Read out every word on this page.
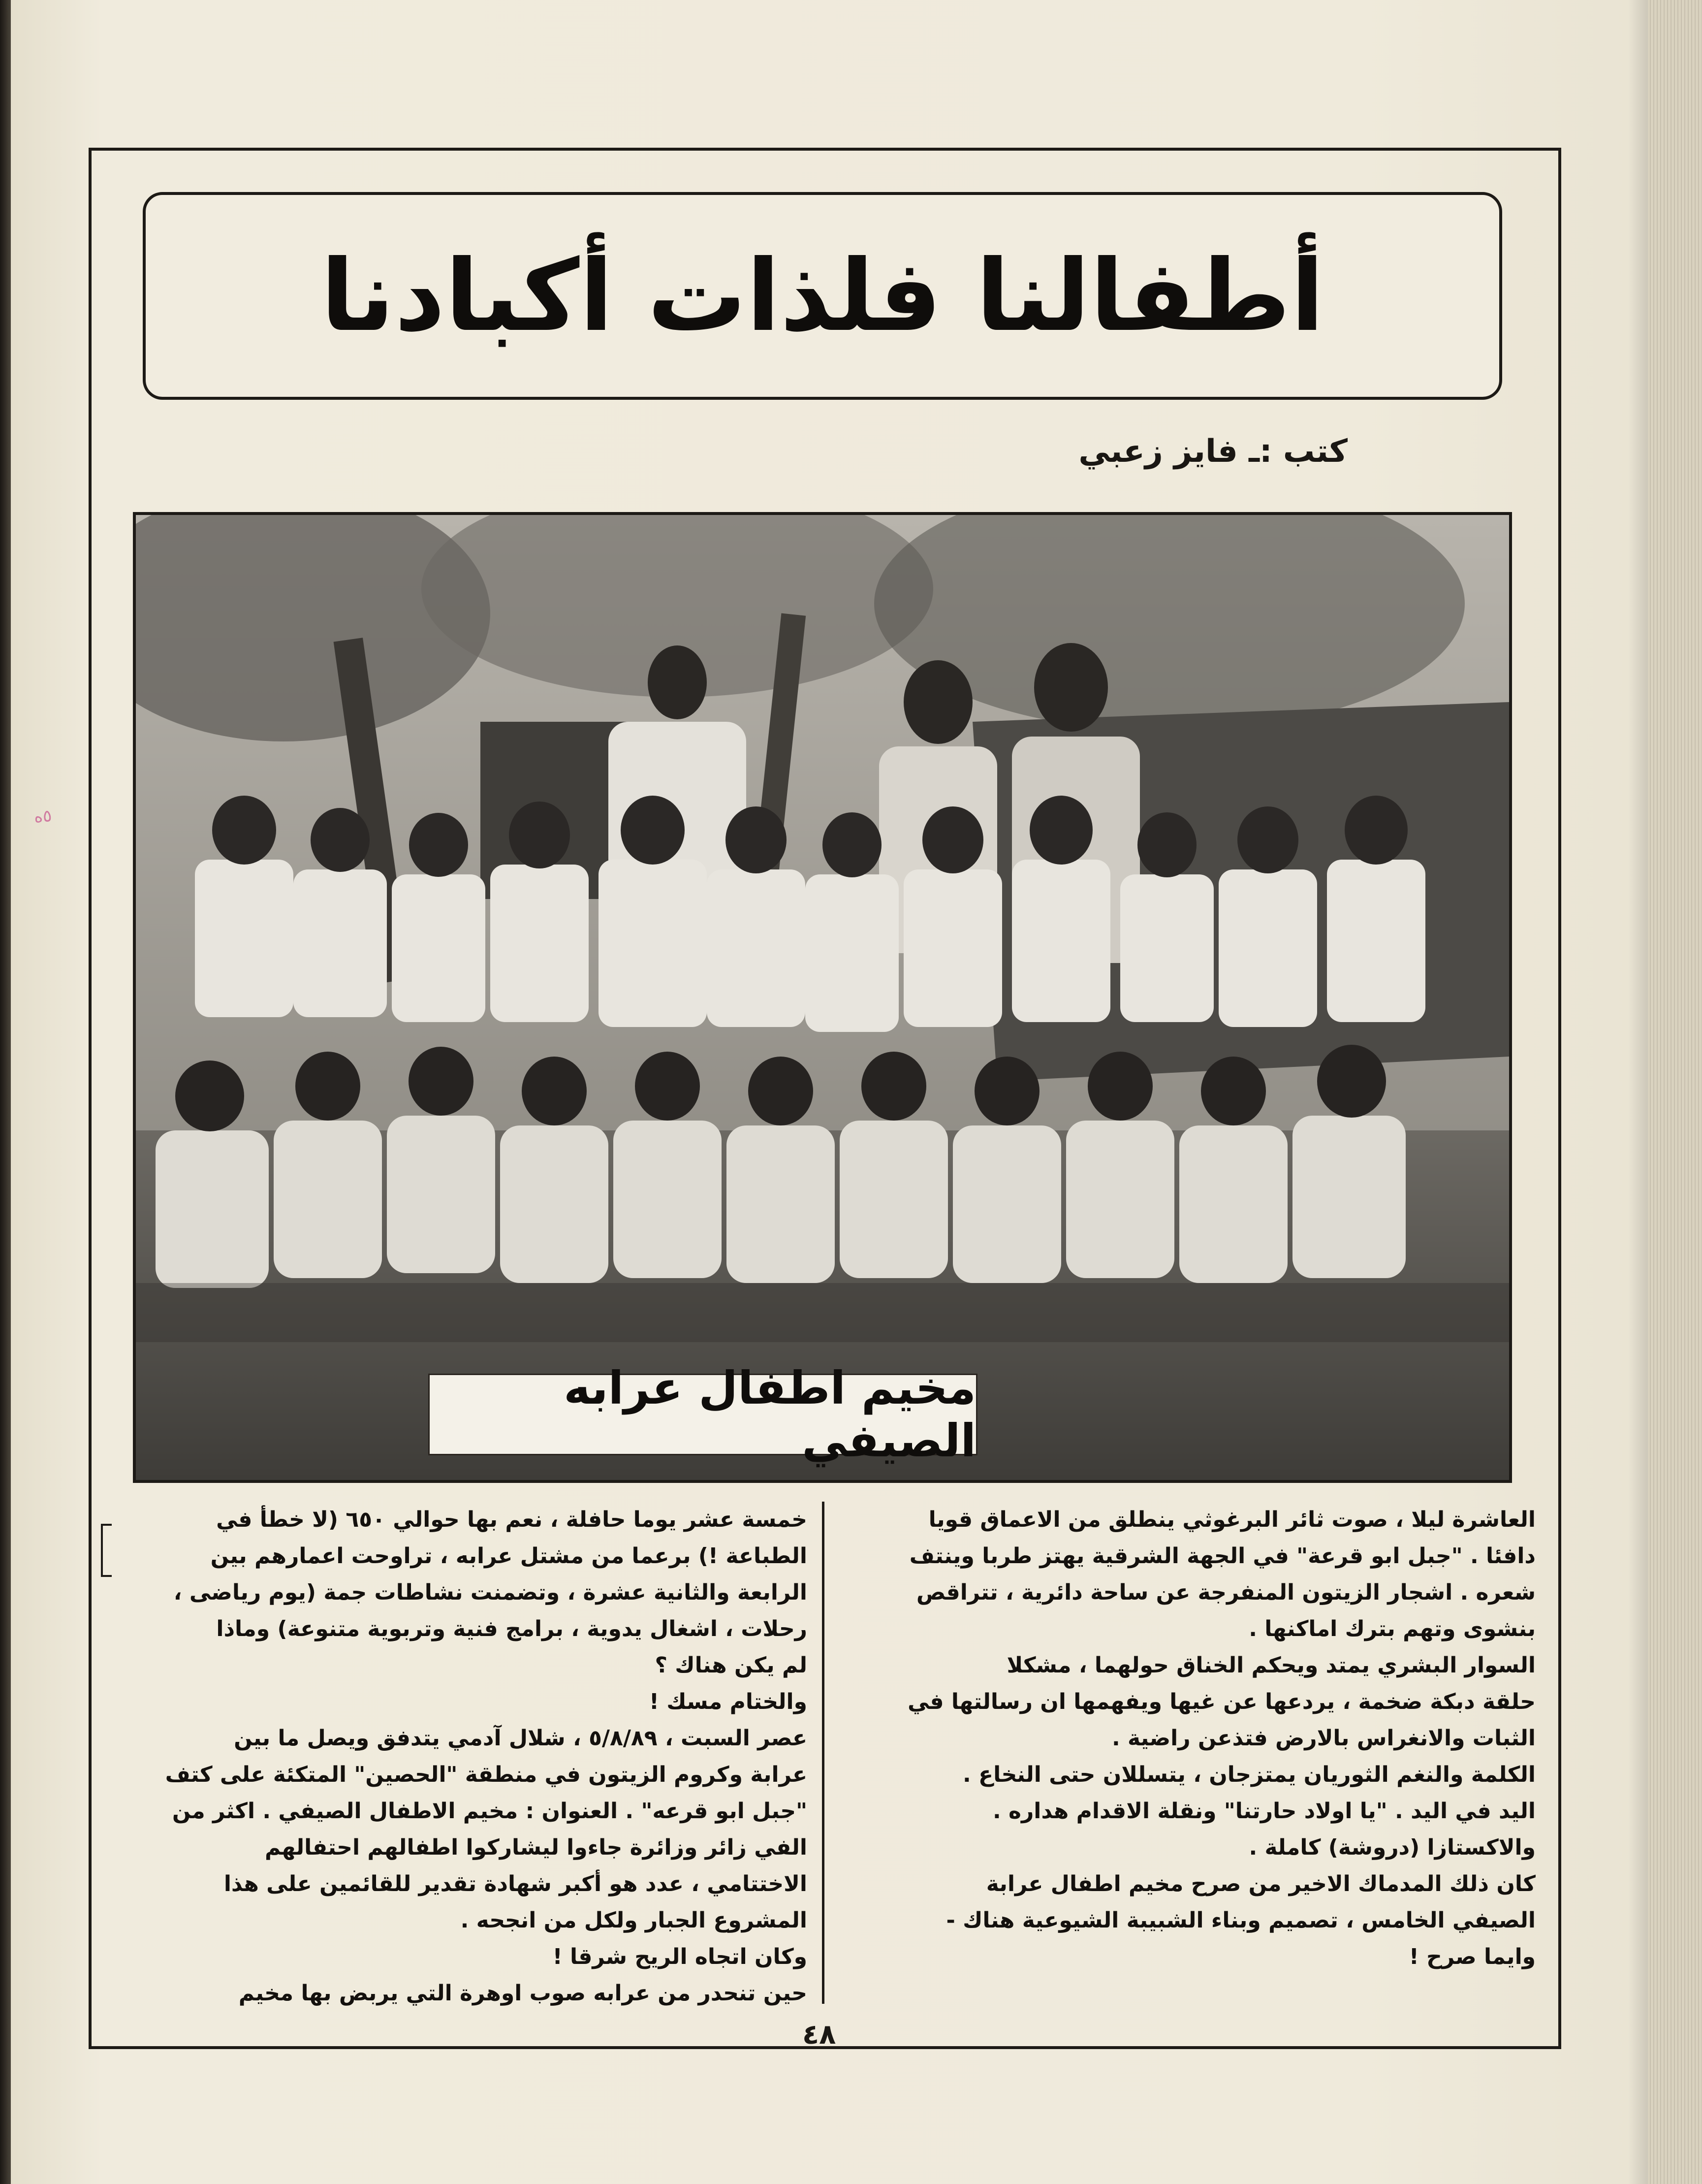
٥ه
أطفالنا فلذات أكبادنا
كتب :ـ فايز زعبي
مخيم اطفال عرابه الصيفي

العاشرة ليلا ، صوت ثائر البرغوثي ينطلق من الاعماق قويا

دافئا . "جبل ابو قرعة" في الجهة الشرقية يهتز طربا وينتف

شعره . اشجار الزيتون المنفرجة عن ساحة دائرية ، تتراقص

بنشوى وتهم بترك اماكنها .

السوار البشري يمتد ويحكم الخناق حولهما ، مشكلا

حلقة دبكة ضخمة ، يردعها عن غيها ويفهمها ان رسالتها في

الثبات والانغراس بالارض فتذعن راضية .

الكلمة والنغم الثوريان يمتزجان ، يتسللان حتى النخاع .

اليد في اليد . "يا اولاد حارتنا" ونقلة الاقدام هداره .

والاكستازا (دروشة) كاملة .

كان ذلك المدماك الاخير من صرح مخيم اطفال عرابة

الصيفي الخامس ، تصميم وبناء الشبيبة الشيوعية هناك -

وايما صرح !

خمسة عشر يوما حافلة ، نعم بها حوالي ٦٥٠ (لا خطأ في

الطباعة !) برعما من مشتل عرابه ، تراوحت اعمارهم بين

الرابعة والثانية عشرة ، وتضمنت نشاطات جمة (يوم رياضى ،

رحلات ، اشغال يدوية ، برامج فنية وتربوية متنوعة) وماذا

لم يكن هناك ؟

والختام مسك !

عصر السبت ، ٥/٨/٨٩ ، شلال آدمي يتدفق ويصل ما بين

عرابة وكروم الزيتون في منطقة "الحصين" المتكئة على كتف

"جبل ابو قرعه" . العنوان : مخيم الاطفال الصيفي . اكثر من

الفي زائر وزائرة جاءوا ليشاركوا اطفالهم احتفالهم

الاختتامي ، عدد هو أكبر شهادة تقدير للقائمين على هذا

المشروع الجبار ولكل من انجحه .

وكان اتجاه الريح شرقا !

حين تنحدر من عرابه صوب اوهرة التي يربض بها مخيم

٤٨
